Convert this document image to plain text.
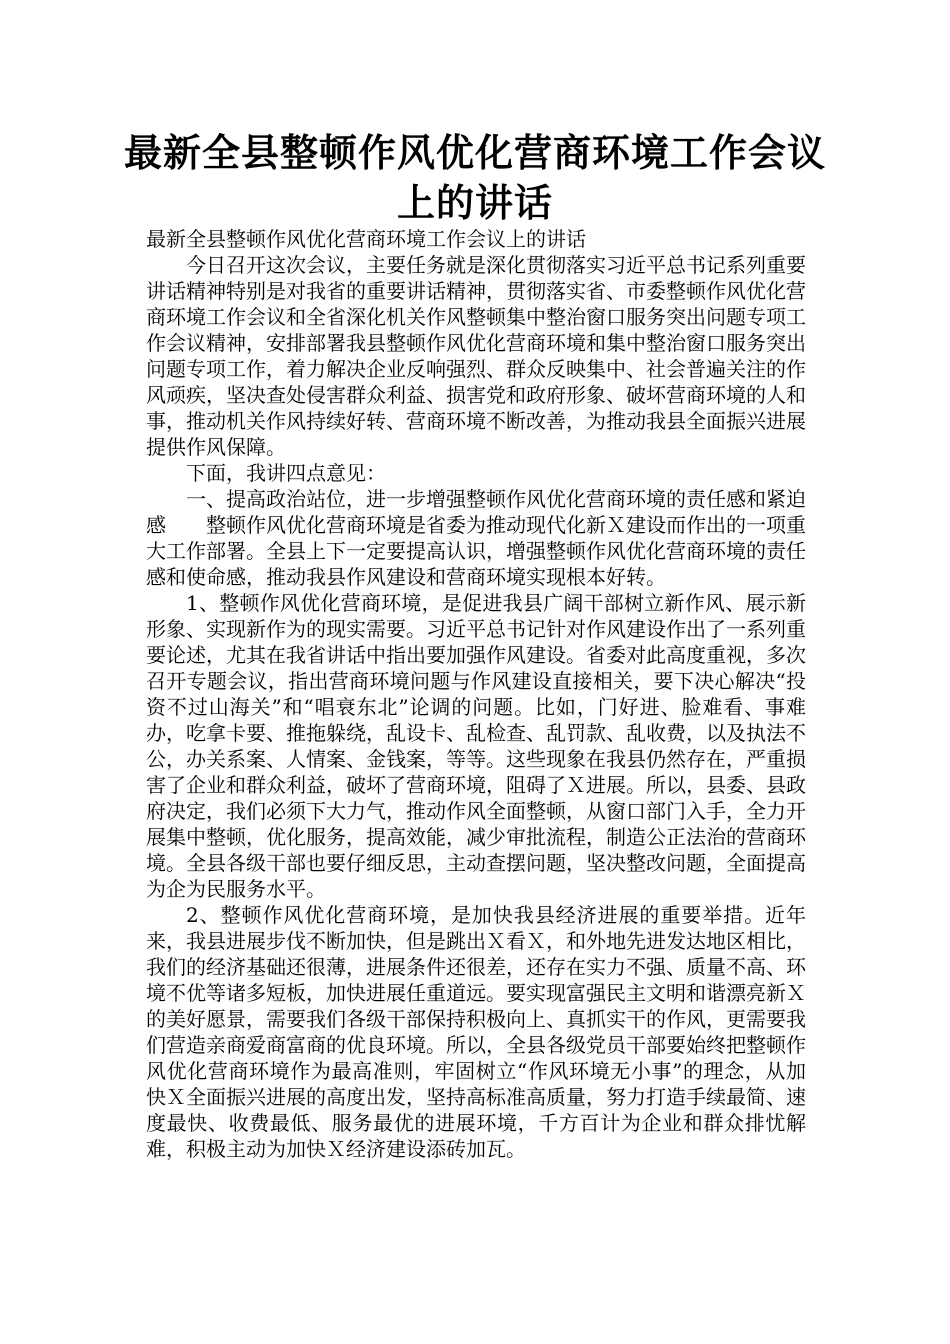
最新全县整顿作风优化营商环境工作会议上的讲话

最新全县整顿作风优化营商环境工作会议上的讲话

今日召开这次会议，主要任务就是深化贯彻落实习近平总书记系列重要讲话精神特别是对我省的重要讲话精神，贯彻落实省、市委整顿作风优化营商环境工作会议和全省深化机关作风整顿集中整治窗口服务突出问题专项工作会议精神，安排部署我县整顿作风优化营商环境和集中整治窗口服务突出问题专项工作，着力解决企业反响强烈、群众反映集中、社会普遍关注的作风顽疾，坚决查处侵害群众利益、损害党和政府形象、破坏营商环境的人和事，推动机关作风持续好转、营商环境不断改善，为推动我县全面振兴进展提供作风保障。

下面，我讲四点意见：

一、提高政治站位，进一步增强整顿作风优化营商环境的责任感和紧迫感　　整顿作风优化营商环境是省委为推动现代化新Ｘ建设而作出的一项重大工作部署。全县上下一定要提高认识，增强整顿作风优化营商环境的责任感和使命感，推动我县作风建设和营商环境实现根本好转。

1、整顿作风优化营商环境，是促进我县广阔干部树立新作风、展示新形象、实现新作为的现实需要。习近平总书记针对作风建设作出了一系列重要论述，尤其在我省讲话中指出要加强作风建设。省委对此高度重视，多次召开专题会议，指出营商环境问题与作风建设直接相关，要下决心解决“投资不过山海关”和“唱衰东北”论调的问题。比如，门好进、脸难看、事难办，吃拿卡要、推拖躲绕，乱设卡、乱检查、乱罚款、乱收费，以及执法不公，办关系案、人情案、金钱案，等等。这些现象在我县仍然存在，严重损害了企业和群众利益，破坏了营商环境，阻碍了Ｘ进展。所以，县委、县政府决定，我们必须下大力气，推动作风全面整顿，从窗口部门入手，全力开展集中整顿，优化服务，提高效能，减少审批流程，制造公正法治的营商环境。全县各级干部也要仔细反思，主动查摆问题，坚决整改问题，全面提高为企为民服务水平。

2、整顿作风优化营商环境，是加快我县经济进展的重要举措。近年来，我县进展步伐不断加快，但是跳出Ｘ看Ｘ，和外地先进发达地区相比，我们的经济基础还很薄，进展条件还很差，还存在实力不强、质量不高、环境不优等诸多短板，加快进展任重道远。要实现富强民主文明和谐漂亮新Ｘ的美好愿景，需要我们各级干部保持积极向上、真抓实干的作风，更需要我们营造亲商爱商富商的优良环境。所以，全县各级党员干部要始终把整顿作风优化营商环境作为最高准则，牢固树立“作风环境无小事”的理念，从加快Ｘ全面振兴进展的高度出发，坚持高标准高质量，努力打造手续最简、速度最快、收费最低、服务最优的进展环境，千方百计为企业和群众排忧解难，积极主动为加快Ｘ经济建设添砖加瓦。
